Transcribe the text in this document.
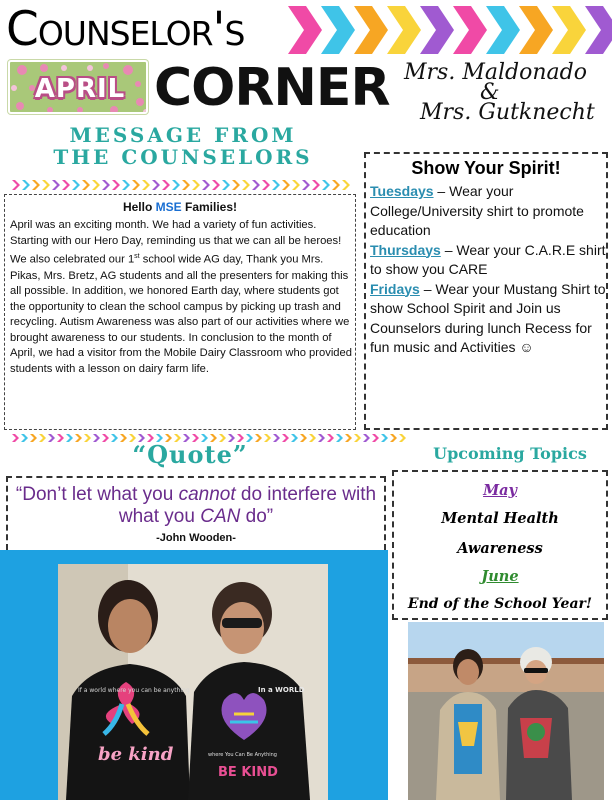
Counselor's
APRIL CORNER Mrs. Maldonado
&
Mrs. Gutknecht
MESSAGE FROM
THE COUNSELORS
Hello MSE Families!
April was an exciting month. We had a variety of fun activities. Starting with our Hero Day, reminding us that we can all be heroes! We also celebrated our 1st school wide AG day, Thank you Mrs. Pikas, Mrs. Bretz, AG students and all the presenters for making this all possible. In addition, we honored Earth day, where students got the opportunity to clean the school campus by picking up trash and recycling. Autism Awareness was also part of our activities where we brought awareness to our students. In conclusion to the month of April, we had a visitor from the Mobile Dairy Classroom who provided students with a lesson on dairy farm life.
Show Your Spirit!
Tuesdays – Wear your College/University shirt to promote education
Thursdays – Wear your C.A.R.E shirt to show you CARE
Fridays – Wear your Mustang Shirt to show School Spirit and Join us Counselors during lunch Recess for fun music and Activities ☺
“Quote”
“Don’t let what you cannot do interfere with what you CAN do”
-John Wooden-
be kind
If a world where you can be anything	In a WORLD
where You Can Be Anything
BE KIND
Upcoming Topics
May
Mental Health
Awareness
June
End of the School Year!
